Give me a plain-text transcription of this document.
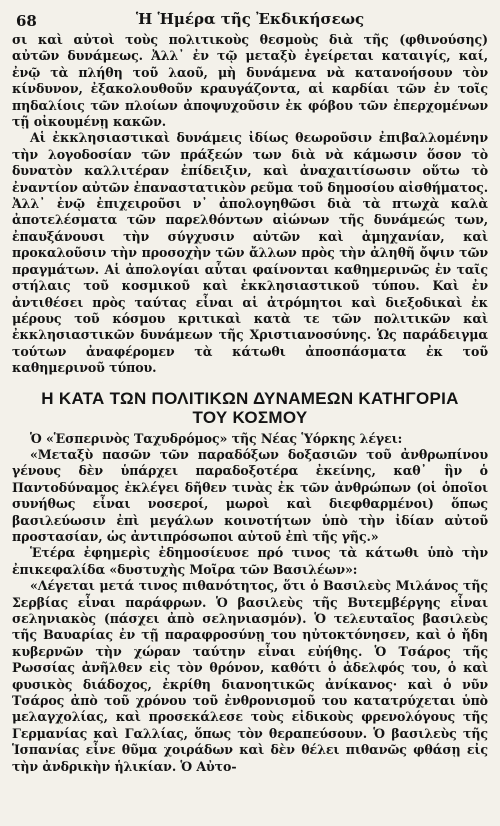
68	Ἡ Ἡμέρα τῆς Ἐκδικήσεως

σι καὶ αὐτοὶ τοὺς πολιτικοὺς θεσμοὺς διὰ τῆς (φθινούσης) αὐτῶν δυνάμεως. Ἀλλ᾽ ἐν τῷ μεταξὺ ἐγείρεται καταιγίς, καί, ἐνῷ τὰ πλήθη τοῦ λαοῦ, μὴ δυνάμενα νὰ κατανοήσουν τὸν κίνδυνον, ἐξακολουθοῦν κραυγάζοντα, αἱ καρδίαι τῶν ἐν τοῖς πηδαλίοις τῶν πλοίων ἀποψυχοῦσιν ἐκ φόβου τῶν ἐπερχομένων τῇ οἰκουμένῃ κακῶν.

Αἱ ἐκκλησιαστικαὶ δυνάμεις ἰδίως θεωροῦσιν ἐπιβαλλομένην τὴν λογοδοσίαν τῶν πράξεών των διὰ νὰ κάμωσιν ὅσον τὸ δυνατὸν καλλιτέραν ἐπίδειξιν, καὶ ἀναχαιτίσωσιν οὕτω τὸ ἐναντίον αὐτῶν ἐπαναστατικὸν ρεῦμα τοῦ δημοσίου αἰσθήματος. Ἀλλ᾽ ἐνῷ ἐπιχειροῦσι ν᾽ ἀπολογηθῶσι διὰ τὰ πτωχὰ καλὰ ἀποτελέσματα τῶν παρελθόντων αἰώνων τῆς δυνάμεώς των, ἐπαυξάνουσι τὴν σύγχυσιν αὐτῶν καὶ ἀμηχανίαν, καὶ προκαλοῦσιν τὴν προσοχὴν τῶν ἄλλων πρὸς τὴν ἀληθῆ ὄψιν τῶν πραγμάτων. Αἱ ἀπολογίαι αὗται φαίνονται καθημερινῶς ἐν ταῖς στήλαις τοῦ κοσμικοῦ καὶ ἐκκλησιαστικοῦ τύπου. Καὶ ἐν ἀντιθέσει πρὸς ταύτας εἶναι αἱ ἀτρόμητοι καὶ διεξοδικαὶ ἐκ μέρους τοῦ κόσμου κριτικαὶ κατὰ τε τῶν πολιτικῶν καὶ ἐκκλησιαστικῶν δυνάμεων τῆς Χριστιανοσύνης. Ὡς παράδειγμα τούτων ἀναφέρομεν τὰ κάτωθι ἀποσπάσματα ἐκ τοῦ καθημερινοῦ τύπου.

Η ΚΑΤΑ ΤΩΝ ΠΟΛΙΤΙΚΩΝ ΔΥΝΑΜΕΩΝ ΚΑΤΗΓΟΡΙΑ
ΤΟΥ ΚΟΣΜΟΥ

Ὁ «Ἑσπερινὸς Ταχυδρόμος» τῆς Νέας Ὑόρκης λέγει:

«Μεταξὺ πασῶν τῶν παραδόξων δοξασιῶν τοῦ ἀνθρωπίνου γένους δὲν ὑπάρχει παραδοξοτέρα ἐκείνης, καθ᾽ ἣν ὁ Παντοδύναμος ἐκλέγει δῆθεν τινὰς ἐκ τῶν ἀνθρώπων (οἱ ὁποῖοι συνήθως εἶναι νοσεροί, μωροὶ καὶ διεφθαρμένοι) ὅπως βασιλεύωσιν ἐπὶ μεγάλων κοινοτήτων ὑπὸ τὴν ἰδίαν αὐτοῦ προστασίαν, ὡς ἀντιπρόσωποι αὐτοῦ ἐπὶ τῆς γῆς.»

Ἑτέρα ἐφημερὶς ἐδημοσίευσε πρό τινος τὰ κάτωθι ὑπὸ τὴν ἐπικεφαλίδα «δυστυχὴς Μοῖρα τῶν Βασιλέων»:

«Λέγεται μετά τινος πιθανότητος, ὅτι ὁ Βασιλεὺς Μιλάνος τῆς Σερβίας εἶναι παράφρων. Ὁ βασιλεὺς τῆς Βυτεμβέργης εἶναι σεληνιακὸς (πάσχει ἀπὸ σεληνιασμόν). Ὁ τελευταῖος βασιλεὺς τῆς Βαυαρίας ἐν τῇ παραφροσύνῃ του ηὐτοκτόνησεν, καὶ ὁ ἤδη κυβερνῶν τὴν χώραν ταύτην εἶναι εὐήθης. Ὁ Τσάρος τῆς Ρωσσίας ἀνῆλθεν εἰς τὸν θρόνον, καθότι ὁ ἀδελφός του, ὁ καὶ φυσικὸς διάδοχος, ἐκρίθη διανοητικῶς ἀνίκανος· καὶ ὁ νῦν Τσάρος ἀπὸ τοῦ χρόνου τοῦ ἐνθρονισμοῦ του κατατρύχεται ὑπὸ μελαγχολίας, καὶ προσεκάλεσε τοὺς εἰδικοὺς φρενολόγους τῆς Γερμανίας καὶ Γαλλίας, ὅπως τὸν θεραπεύσουν. Ὁ βασιλεὺς τῆς Ἱσπανίας εἶνε θῦμα χοιράδων καὶ δὲν θέλει πιθανῶς φθάσῃ εἰς τὴν ἀνδρικὴν ἡλικίαν. Ὁ Αὐτο-
